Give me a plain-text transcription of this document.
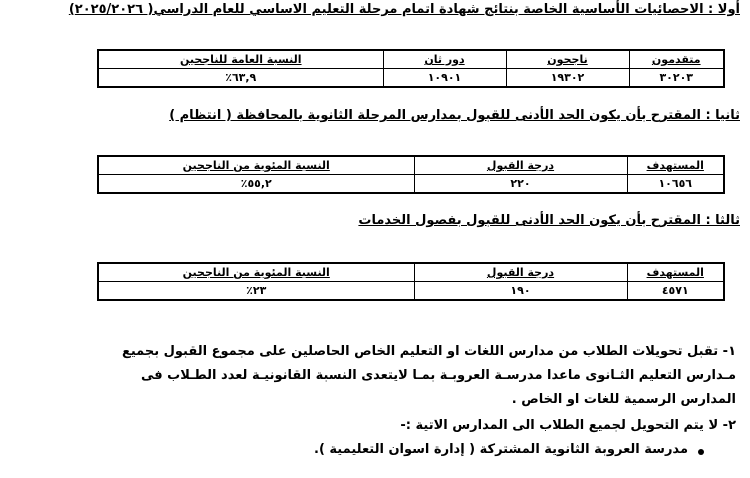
أولا : الاحصائيات الأساسية الخاصة بنتائج شهادة اتمام مرحلة التعليم الاساسي للعام الدراسي( ٢٠٢٥/٢٠٢٦)
متقدمون	ناجحون	دور ثان	النسبة العامة للناجحين
٣٠٢٠٣	١٩٣٠٢	١٠٩٠١	٦٣,٩٪
ثانيا : المقترح بأن يكون الحد الأدنى للقبول بمدارس المرحلة الثانوية بالمحافظة ( انتظام )
المستهدف	درجة القبول	النسبة المئوية من الناجحين
١٠٦٥٦	٢٢٠	٥٥,٢٪
ثالثا : المقترح بأن يكون الحد الأدنى للقبول بفصول الخدمات
المستهدف	درجة القبول	النسبة المئوية من الناجحين
٤٥٧١	١٩٠	٢٣٪
١- تقبل تحويلات الطلاب من مدارس اللغات او التعليم الخاص الحاصلين على مجموع القبول بجميع
مـدارس التعليم الثـانوى ماعدا مدرسـة العروبـة بمـا لايتعدى النسبة القانونيـة لعدد الطـلاب فى
المدارس الرسمية للغات او الخاص .
٢- لا يتم التحويل لجميع الطلاب الى المدارس الاتية :-
مدرسة العروبة الثانوية المشتركة ( إدارة اسوان التعليمية ).
